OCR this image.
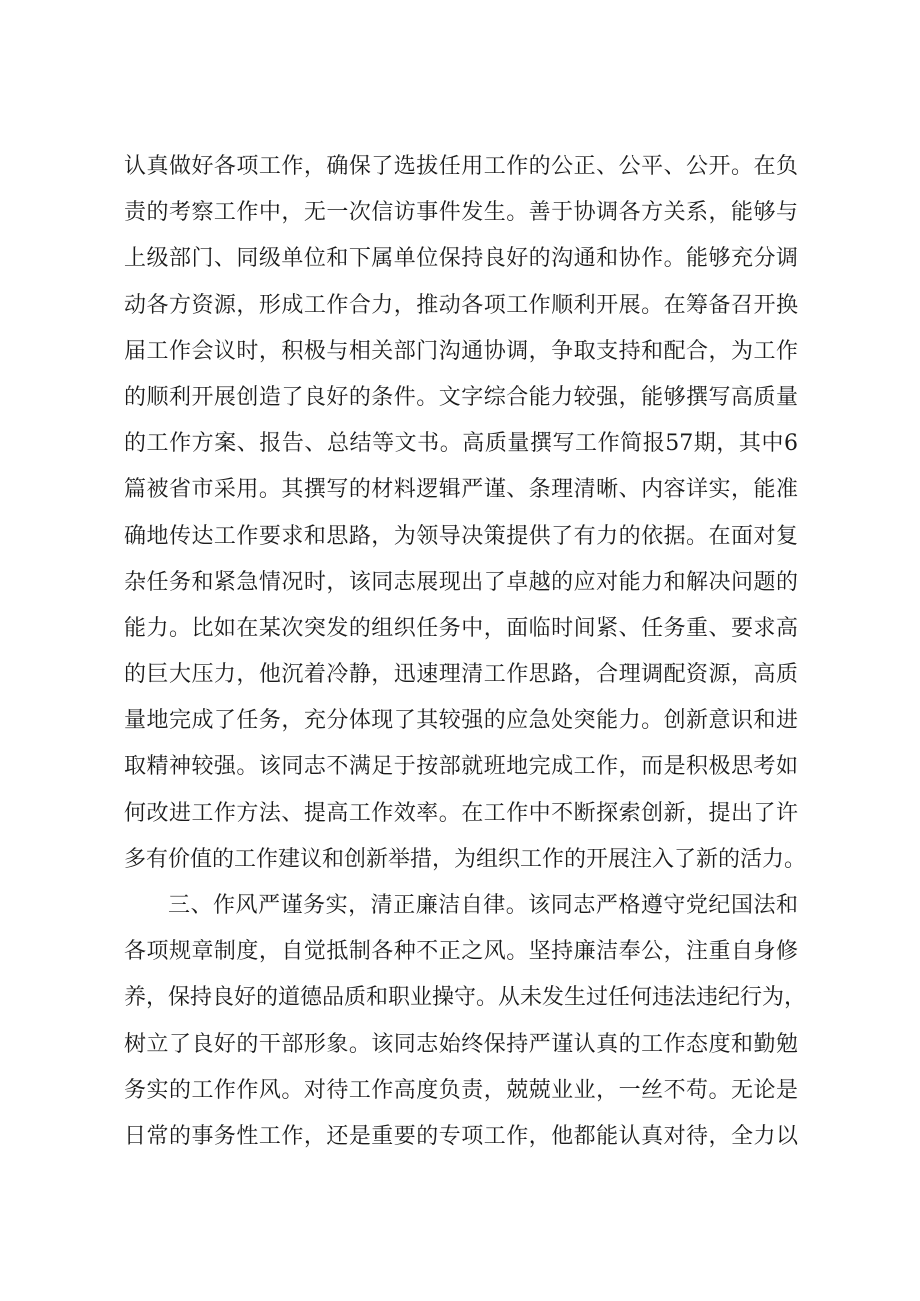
认真做好各项工作，确保了选拔任用工作的公正、公平、公开。在负
责的考察工作中，无一次信访事件发生。善于协调各方关系，能够与
上级部门、同级单位和下属单位保持良好的沟通和协作。能够充分调
动各方资源，形成工作合力，推动各项工作顺利开展。在筹备召开换
届工作会议时，积极与相关部门沟通协调，争取支持和配合，为工作
的顺利开展创造了良好的条件。文字综合能力较强，能够撰写高质量
的工作方案、报告、总结等文书。高质量撰写工作简报57期，其中6
篇被省市采用。其撰写的材料逻辑严谨、条理清晰、内容详实，能准
确地传达工作要求和思路，为领导决策提供了有力的依据。在面对复
杂任务和紧急情况时，该同志展现出了卓越的应对能力和解决问题的
能力。比如在某次突发的组织任务中，面临时间紧、任务重、要求高
的巨大压力，他沉着冷静，迅速理清工作思路，合理调配资源，高质
量地完成了任务，充分体现了其较强的应急处突能力。创新意识和进
取精神较强。该同志不满足于按部就班地完成工作，而是积极思考如
何改进工作方法、提高工作效率。在工作中不断探索创新，提出了许
多有价值的工作建议和创新举措，为组织工作的开展注入了新的活力。
三、作风严谨务实，清正廉洁自律。该同志严格遵守党纪国法和
各项规章制度，自觉抵制各种不正之风。坚持廉洁奉公，注重自身修
养，保持良好的道德品质和职业操守。从未发生过任何违法违纪行为，
树立了良好的干部形象。该同志始终保持严谨认真的工作态度和勤勉
务实的工作作风。对待工作高度负责，兢兢业业，一丝不苟。无论是
日常的事务性工作，还是重要的专项工作，他都能认真对待，全力以
